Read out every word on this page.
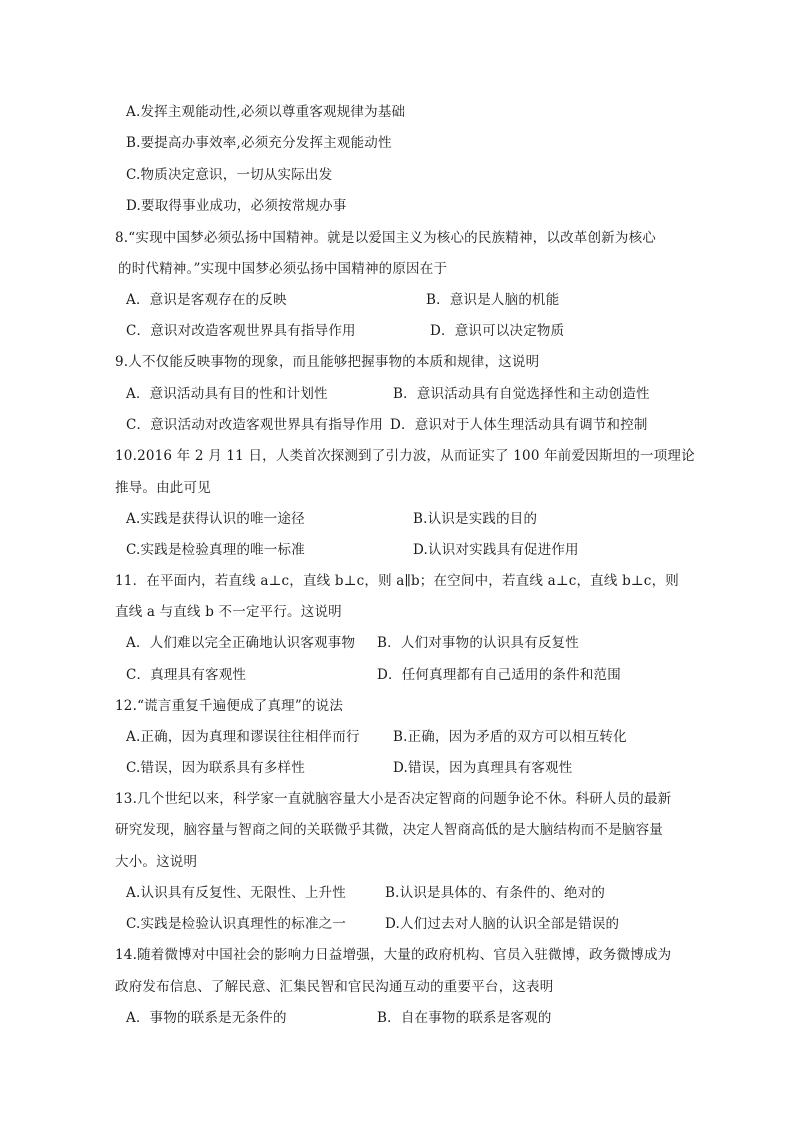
A.发挥主观能动性,必须以尊重客观规律为基础
B.要提高办事效率,必须充分发挥主观能动性
C.物质决定意识，一切从实际出发
D.要取得事业成功，必须按常规办事
8.“实现中国梦必须弘扬中国精神。就是以爱国主义为核心的民族精神，以改革创新为核心
的时代精神。”实现中国梦必须弘扬中国精神的原因在于
A．意识是客观存在的反映	B．意识是人脑的机能
C．意识对改造客观世界具有指导作用	D．意识可以决定物质
9.人不仅能反映事物的现象，而且能够把握事物的本质和规律，这说明
A．意识活动具有目的性和计划性	B．意识活动具有自觉选择性和主动创造性
C．意识活动对改造客观世界具有指导作用 D．意识对于人体生理活动具有调节和控制
10.2016 年 2 月 11 日，人类首次探测到了引力波，从而证实了 100 年前爱因斯坦的一项理论
推导。由此可见
A.实践是获得认识的唯一途径	B.认识是实践的目的
C.实践是检验真理的唯一标准	D.认识对实践具有促进作用
11．在平面内，若直线 a⊥c，直线 b⊥c，则 a∥b；在空间中，若直线 a⊥c，直线 b⊥c，则
直线 a 与直线 b 不一定平行。这说明
A．人们难以完全正确地认识客观事物 B．人们对事物的认识具有反复性
C．真理具有客观性	D．任何真理都有自己适用的条件和范围
12.“谎言重复千遍便成了真理”的说法
A.正确，因为真理和谬误往往相伴而行 B.正确，因为矛盾的双方可以相互转化
C.错误，因为联系具有多样性	D.错误，因为真理具有客观性
13.几个世纪以来，科学家一直就脑容量大小是否决定智商的问题争论不休。科研人员的最新
研究发现，脑容量与智商之间的关联微乎其微，决定人智商高低的是大脑结构而不是脑容量
大小。这说明
A.认识具有反复性、无限性、上升性	B.认识是具体的、有条件的、绝对的
C.实践是检验认识真理性的标准之一	D.人们过去对人脑的认识全部是错误的
14.随着微博对中国社会的影响力日益增强，大量的政府机构、官员入驻微博，政务微博成为
政府发布信息、了解民意、汇集民智和官民沟通互动的重要平台，这表明
A．事物的联系是无条件的	B．自在事物的联系是客观的
